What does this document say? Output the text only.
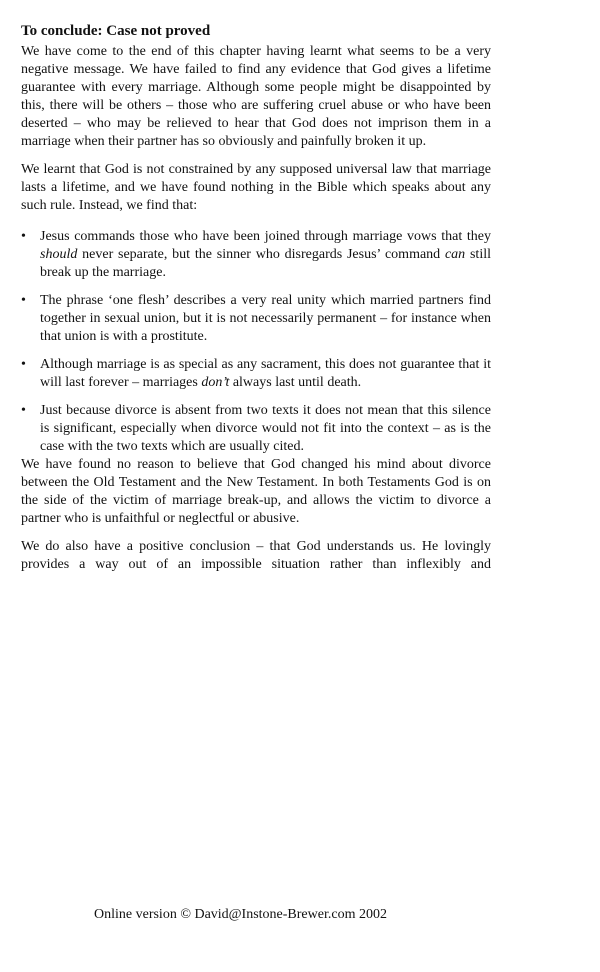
To conclude: Case not proved

We have come to the end of this chapter having learnt what seems to be a very negative message. We have failed to find any evidence that God gives a lifetime guarantee with every marriage. Although some people might be disappointed by this, there will be others – those who are suffering cruel abuse or who have been deserted – who may be relieved to hear that God does not imprison them in a marriage when their partner has so obviously and painfully broken it up.

We learnt that God is not constrained by any supposed universal law that marriage lasts a lifetime, and we have found nothing in the Bible which speaks about any such rule. Instead, we find that:

• Jesus commands those who have been joined through marriage vows that they should never separate, but the sinner who disregards Jesus’ command can still break up the marriage.
• The phrase ‘one flesh’ describes a very real unity which married partners find together in sexual union, but it is not necessarily permanent – for instance when that union is with a prostitute.
• Although marriage is as special as any sacrament, this does not guarantee that it will last forever – marriages don’t always last until death.
• Just because divorce is absent from two texts it does not mean that this silence is significant, especially when divorce would not fit into the context – as is the case with the two texts which are usually cited.

We have found no reason to believe that God changed his mind about divorce between the Old Testament and the New Testament. In both Testaments God is on the side of the victim of marriage break-up, and allows the victim to divorce a partner who is unfaithful or neglectful or abusive.

We do also have a positive conclusion – that God understands us. He lovingly provides a way out of an impossible situation rather than inflexibly and

Online version © David@Instone-Brewer.com 2002
